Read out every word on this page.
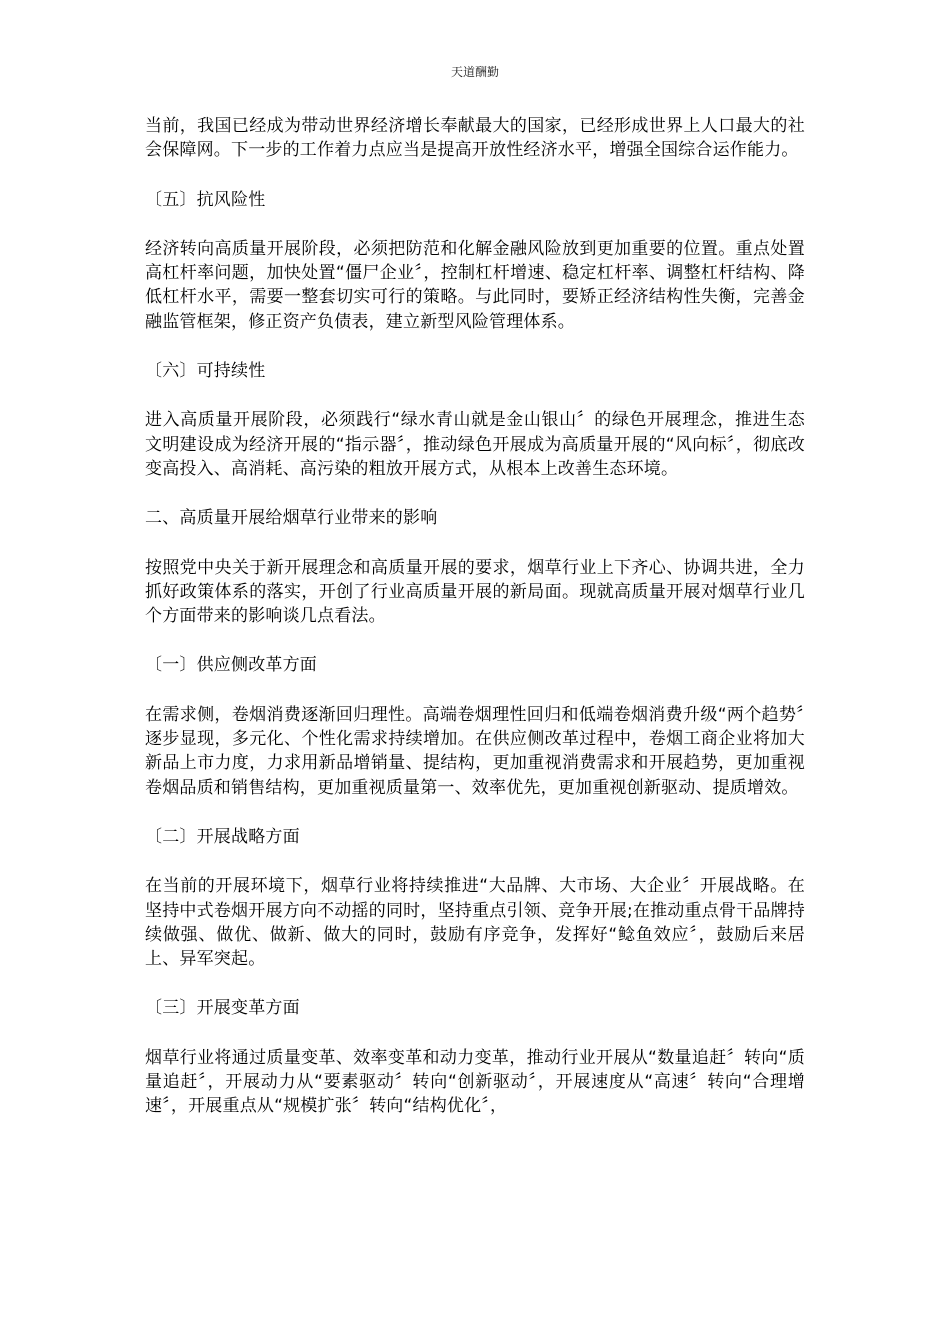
天道酬勤

当前，我国已经成为带动世界经济增长奉献最大的国家，已经形成世界上人口最大的社会保障网。下一步的工作着力点应当是提高开放性经济水平，增强全国综合运作能力。

〔五〕抗风险性

经济转向高质量开展阶段，必须把防范和化解金融风险放到更加重要的位置。重点处置高杠杆率问题，加快处置“僵尸企业〞，控制杠杆增速、稳定杠杆率、调整杠杆结构、降低杠杆水平，需要一整套切实可行的策略。与此同时，要矫正经济结构性失衡，完善金融监管框架，修正资产负债表，建立新型风险管理体系。

〔六〕可持续性

进入高质量开展阶段，必须践行“绿水青山就是金山银山〞的绿色开展理念，推进生态文明建设成为经济开展的“指示器〞，推动绿色开展成为高质量开展的“风向标〞，彻底改变高投入、高消耗、高污染的粗放开展方式，从根本上改善生态环境。

二、高质量开展给烟草行业带来的影响

按照党中央关于新开展理念和高质量开展的要求，烟草行业上下齐心、协调共进，全力抓好政策体系的落实，开创了行业高质量开展的新局面。现就高质量开展对烟草行业几个方面带来的影响谈几点看法。

〔一〕供应侧改革方面

在需求侧，卷烟消费逐渐回归理性。高端卷烟理性回归和低端卷烟消费升级“两个趋势〞逐步显现，多元化、个性化需求持续增加。在供应侧改革过程中，卷烟工商企业将加大新品上市力度，力求用新品增销量、提结构，更加重视消费需求和开展趋势，更加重视卷烟品质和销售结构，更加重视质量第一、效率优先，更加重视创新驱动、提质增效。

〔二〕开展战略方面

在当前的开展环境下，烟草行业将持续推进“大品牌、大市场、大企业〞开展战略。在坚持中式卷烟开展方向不动摇的同时，坚持重点引领、竞争开展;在推动重点骨干品牌持续做强、做优、做新、做大的同时，鼓励有序竞争，发挥好“鲶鱼效应〞，鼓励后来居上、异军突起。

〔三〕开展变革方面

烟草行业将通过质量变革、效率变革和动力变革，推动行业开展从“数量追赶〞转向“质量追赶〞，开展动力从“要素驱动〞转向“创新驱动〞，开展速度从“高速〞转向“合理增速〞，开展重点从“规模扩张〞转向“结构优化〞，
